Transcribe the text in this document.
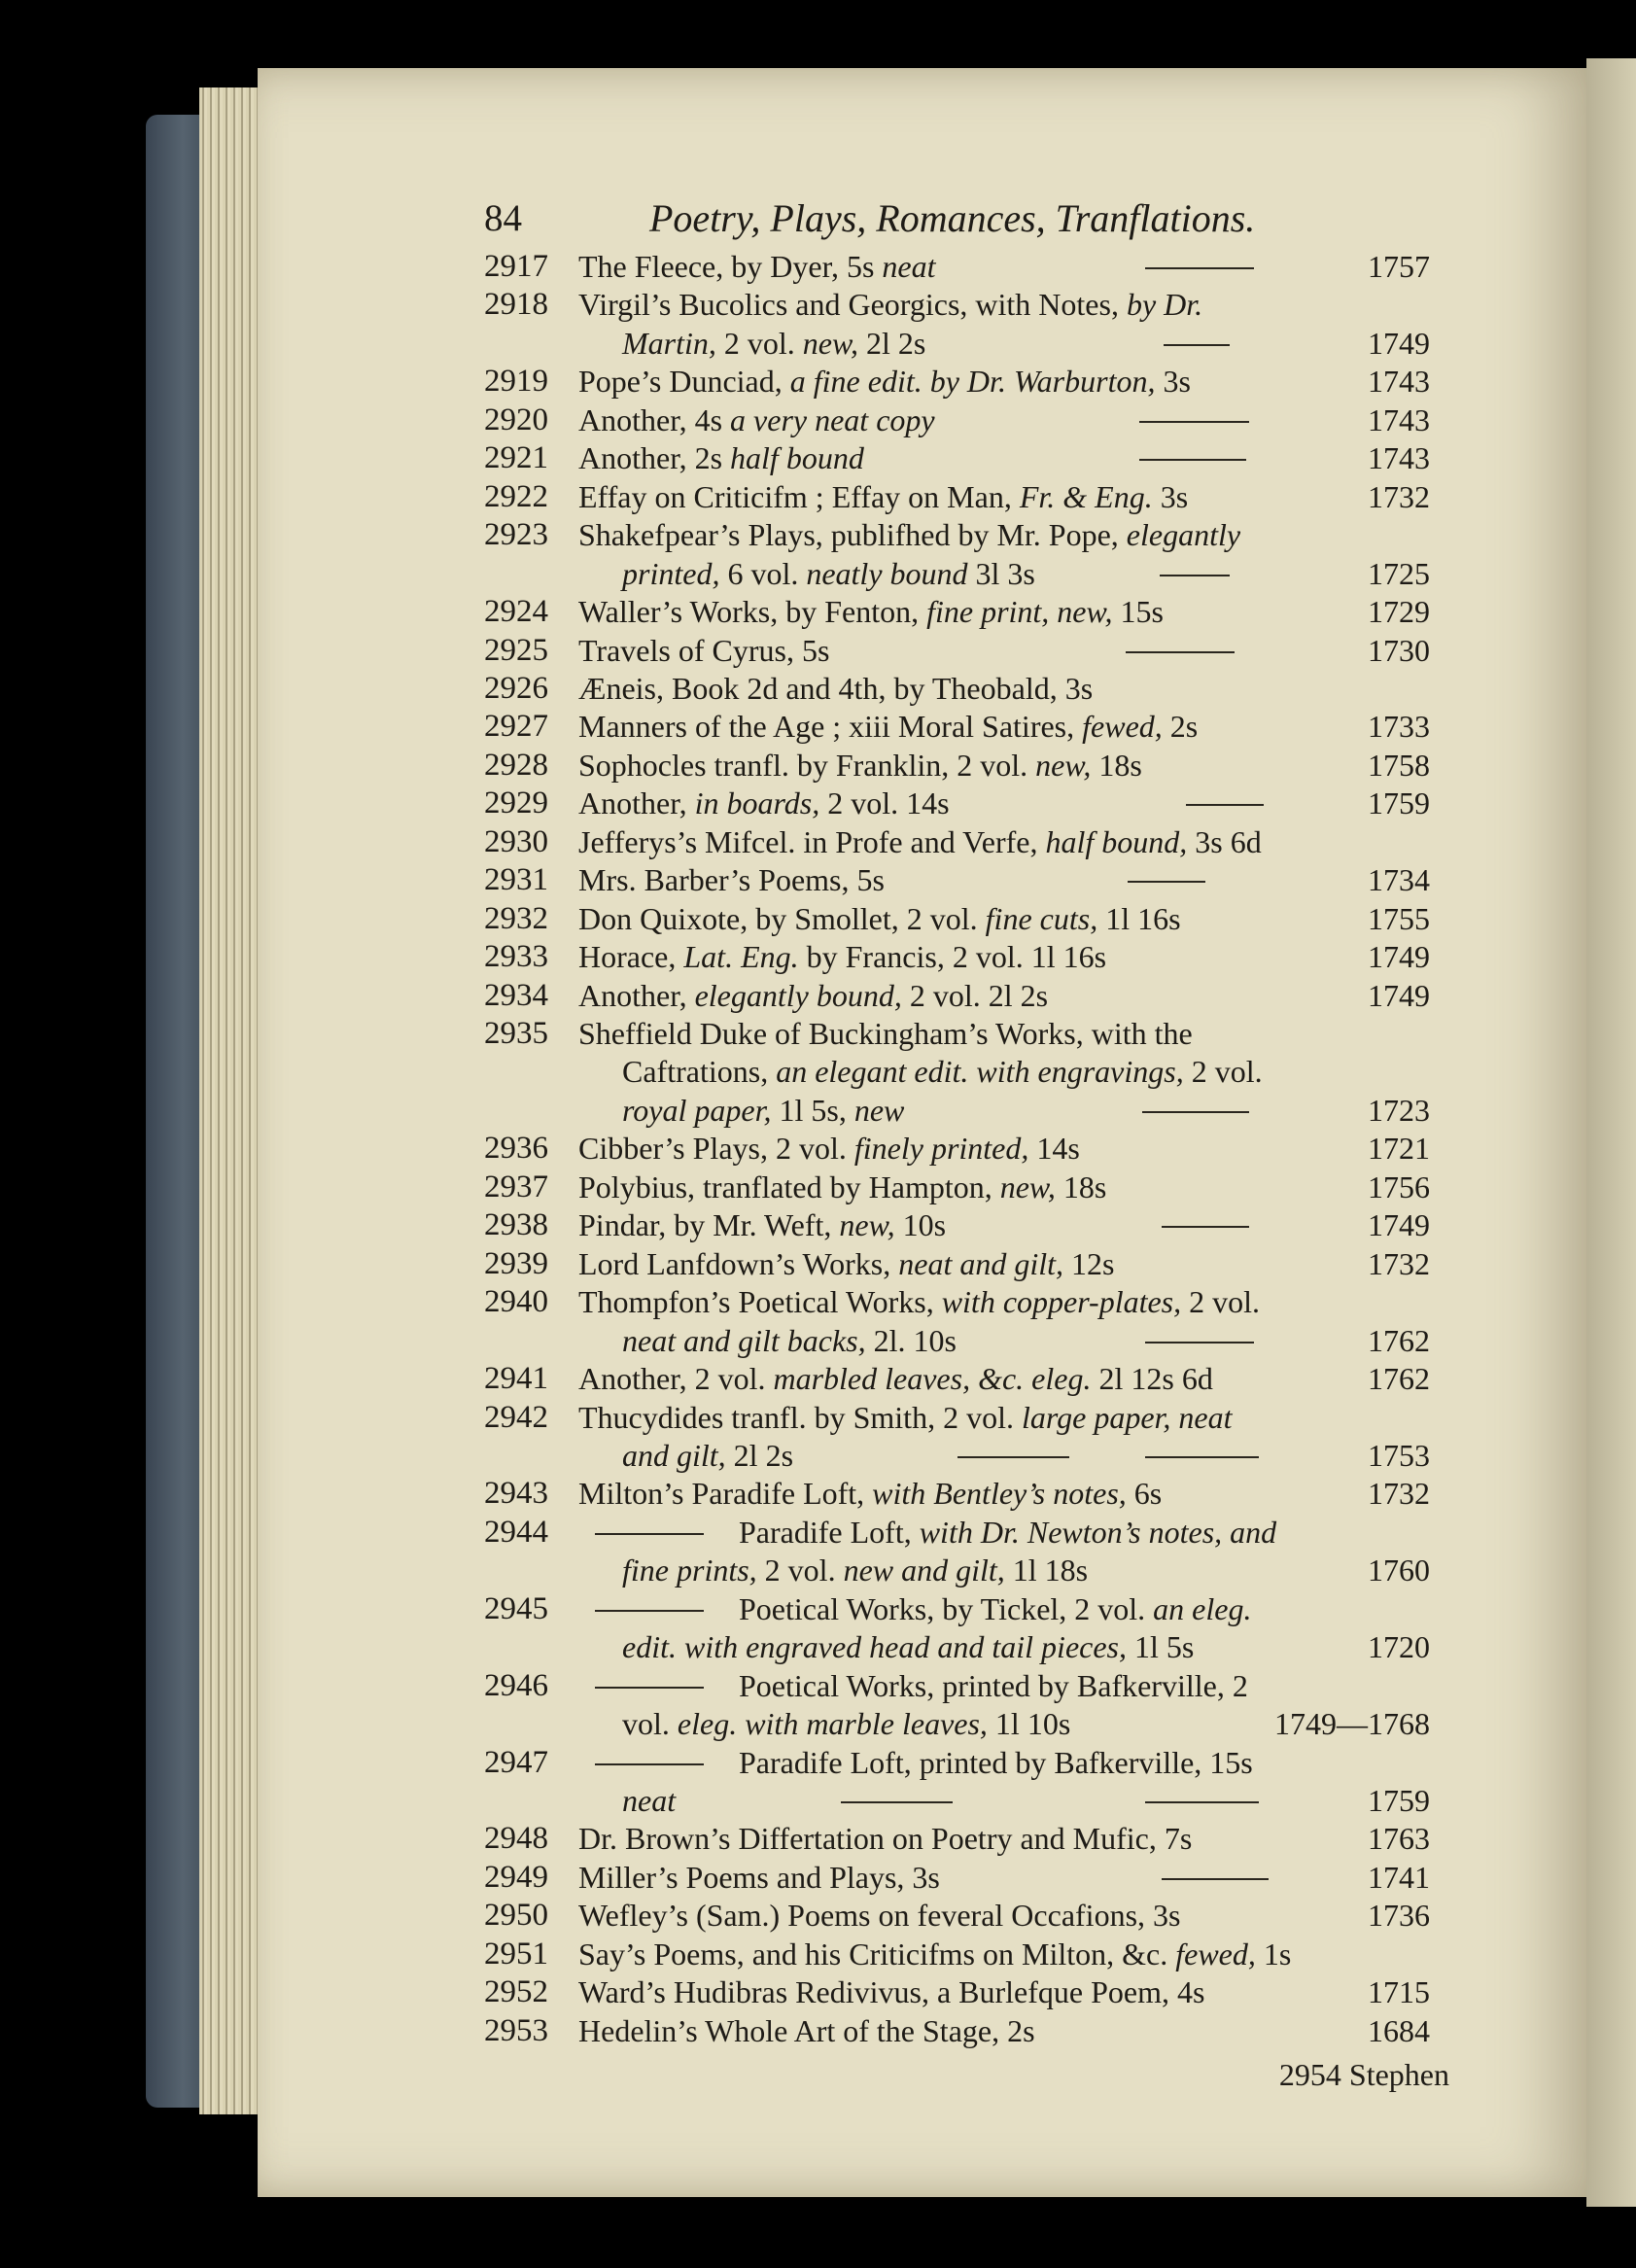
84	Poetry, Plays, Romances, Tranflations.
2917 The Fleece, by Dyer, 5s neat	1757
2918 Virgil’s Bucolics and Georgics, with Notes, by Dr.
Martin, 2 vol. new, 2l 2s	1749
2919 Pope’s Dunciad, a fine edit. by Dr. Warburton, 3s	1743
2920 Another, 4s a very neat copy	1743
2921 Another, 2s half bound	1743
2922 Effay on Criticifm ; Effay on Man, Fr. & Eng. 3s	1732
2923 Shakefpear’s Plays, publifhed by Mr. Pope, elegantly
printed, 6 vol. neatly bound 3l 3s	1725
2924 Waller’s Works, by Fenton, fine print, new, 15s	1729
2925 Travels of Cyrus, 5s	1730
2926 Æneis, Book 2d and 4th, by Theobald, 3s
2927 Manners of the Age ; xiii Moral Satires, fewed, 2s	1733
2928 Sophocles tranfl. by Franklin, 2 vol. new, 18s	1758
2929 Another, in boards, 2 vol. 14s	1759
2930 Jefferys’s Mifcel. in Profe and Verfe, half bound, 3s 6d
2931 Mrs. Barber’s Poems, 5s	1734
2932 Don Quixote, by Smollet, 2 vol. fine cuts, 1l 16s	1755
2933 Horace, Lat. Eng. by Francis, 2 vol. 1l 16s	1749
2934 Another, elegantly bound, 2 vol. 2l 2s	1749
2935 Sheffield Duke of Buckingham’s Works, with the
Caftrations, an elegant edit. with engravings, 2 vol.
royal paper, 1l 5s, new	1723
2936 Cibber’s Plays, 2 vol. finely printed, 14s	1721
2937 Polybius, tranflated by Hampton, new, 18s	1756
2938 Pindar, by Mr. Weft, new, 10s	1749
2939 Lord Lanfdown’s Works, neat and gilt, 12s	1732
2940 Thompfon’s Poetical Works, with copper-plates, 2 vol.
neat and gilt backs, 2l. 10s	1762
2941 Another, 2 vol. marbled leaves, &c. eleg. 2l 12s 6d	1762
2942 Thucydides tranfl. by Smith, 2 vol. large paper, neat
and gilt, 2l 2s	1753
2943 Milton’s Paradife Loft, with Bentley’s notes, 6s	1732
2944	Paradife Loft, with Dr. Newton’s notes, and
fine prints, 2 vol. new and gilt, 1l 18s	1760
2945	Poetical Works, by Tickel, 2 vol. an eleg.
edit. with engraved head and tail pieces, 1l 5s	1720
2946	Poetical Works, printed by Bafkerville, 2
vol. eleg. with marble leaves, 1l 10s	1749—1768
2947	Paradife Loft, printed by Bafkerville, 15s
neat	1759
2948 Dr. Brown’s Differtation on Poetry and Mufic, 7s	1763
2949 Miller’s Poems and Plays, 3s	1741
2950 Wefley’s (Sam.) Poems on feveral Occafions, 3s	1736
2951 Say’s Poems, and his Criticifms on Milton, &c. fewed, 1s
2952 Ward’s Hudibras Redivivus, a Burlefque Poem, 4s	1715
2953 Hedelin’s Whole Art of the Stage, 2s	1684
2954 Stephen
